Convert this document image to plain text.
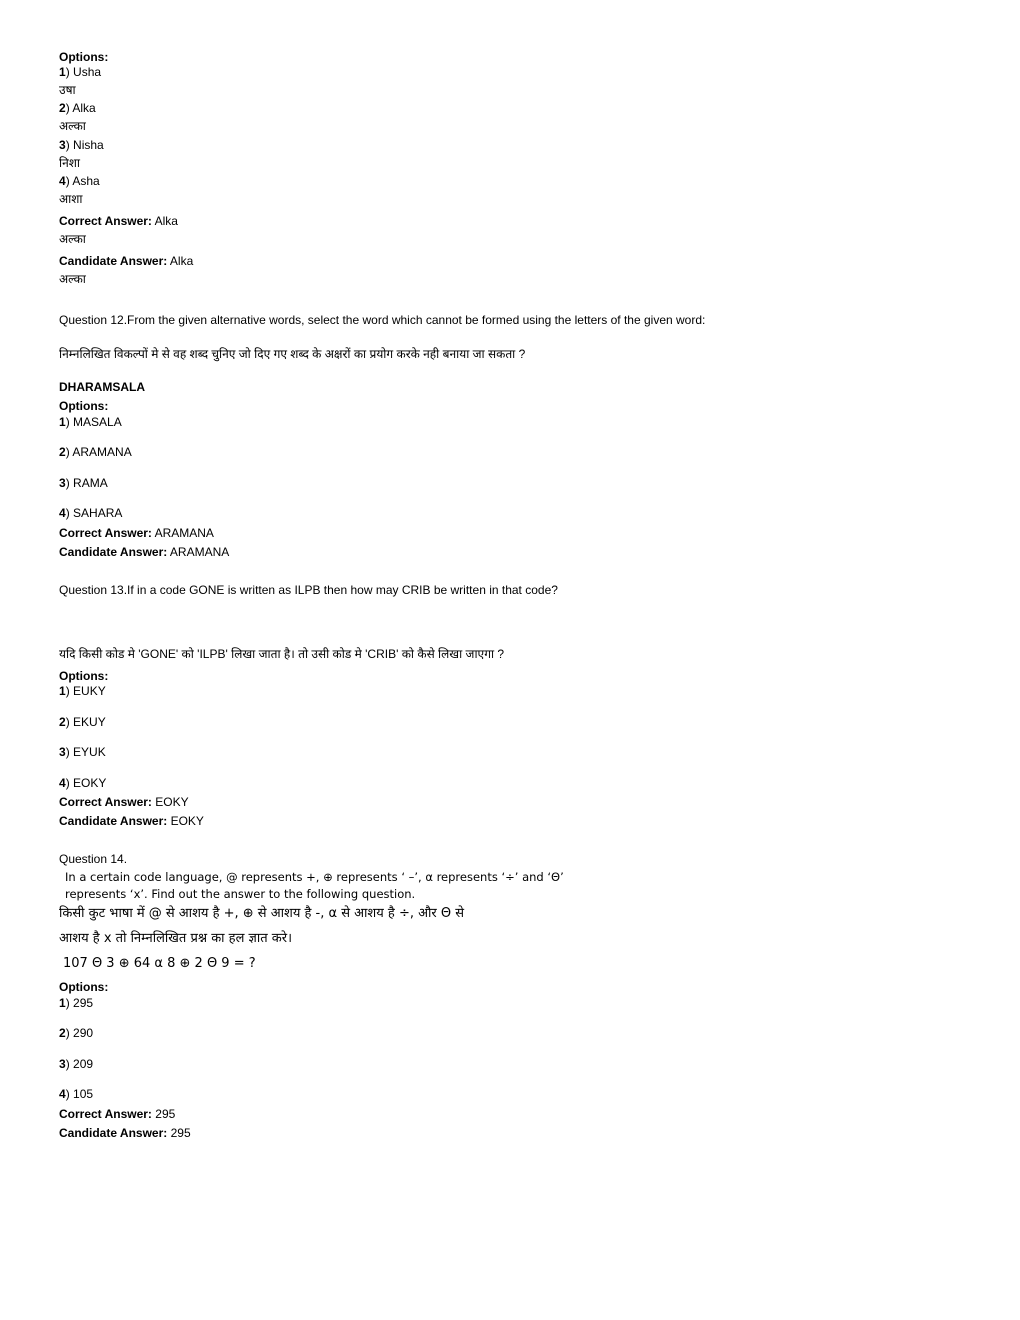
Options:
1) Usha
उषा
2) Alka
अल्का
3) Nisha
निशा
4) Asha
आशा
Correct Answer: Alka
अल्का
Candidate Answer: Alka
अल्का
Question 12.From the given alternative words, select the word which cannot be formed using the letters of the given word:
निम्नलिखित विकल्पों मे से वह शब्द चुनिए जो दिए गए शब्द के अक्षरों का प्रयोग करके नही बनाया जा सकता ?
DHARAMSALA
Options:
1) MASALA
2) ARAMANA
3) RAMA
4) SAHARA
Correct Answer: ARAMANA
Candidate Answer: ARAMANA
Question 13.If in a code GONE is written as ILPB then how may CRIB be written in that code?
यदि किसी कोड मे 'GONE' को 'ILPB' लिखा जाता है। तो उसी कोड मे 'CRIB' को कैसे लिखा जाएगा ?
Options:
1) EUKY
2) EKUY
3) EYUK
4) EOKY
Correct Answer: EOKY
Candidate Answer: EOKY
Question 14.
In a certain code language, @ represents +, ⊕ represents ‘ –’, α represents ‘÷’ and ‘Θ’
represents ‘x’. Find out the answer to the following question.
किसी कुट भाषा में @ से आशय है +, ⊕ से आशय है -, α से आशय है ÷, और Θ से
आशय है x तो निम्नलिखित प्रश्न का हल ज्ञात करे।
107 Θ 3 ⊕ 64 α 8 ⊕ 2 Θ 9 = ?
Options:
1) 295
2) 290
3) 209
4) 105
Correct Answer: 295
Candidate Answer: 295
